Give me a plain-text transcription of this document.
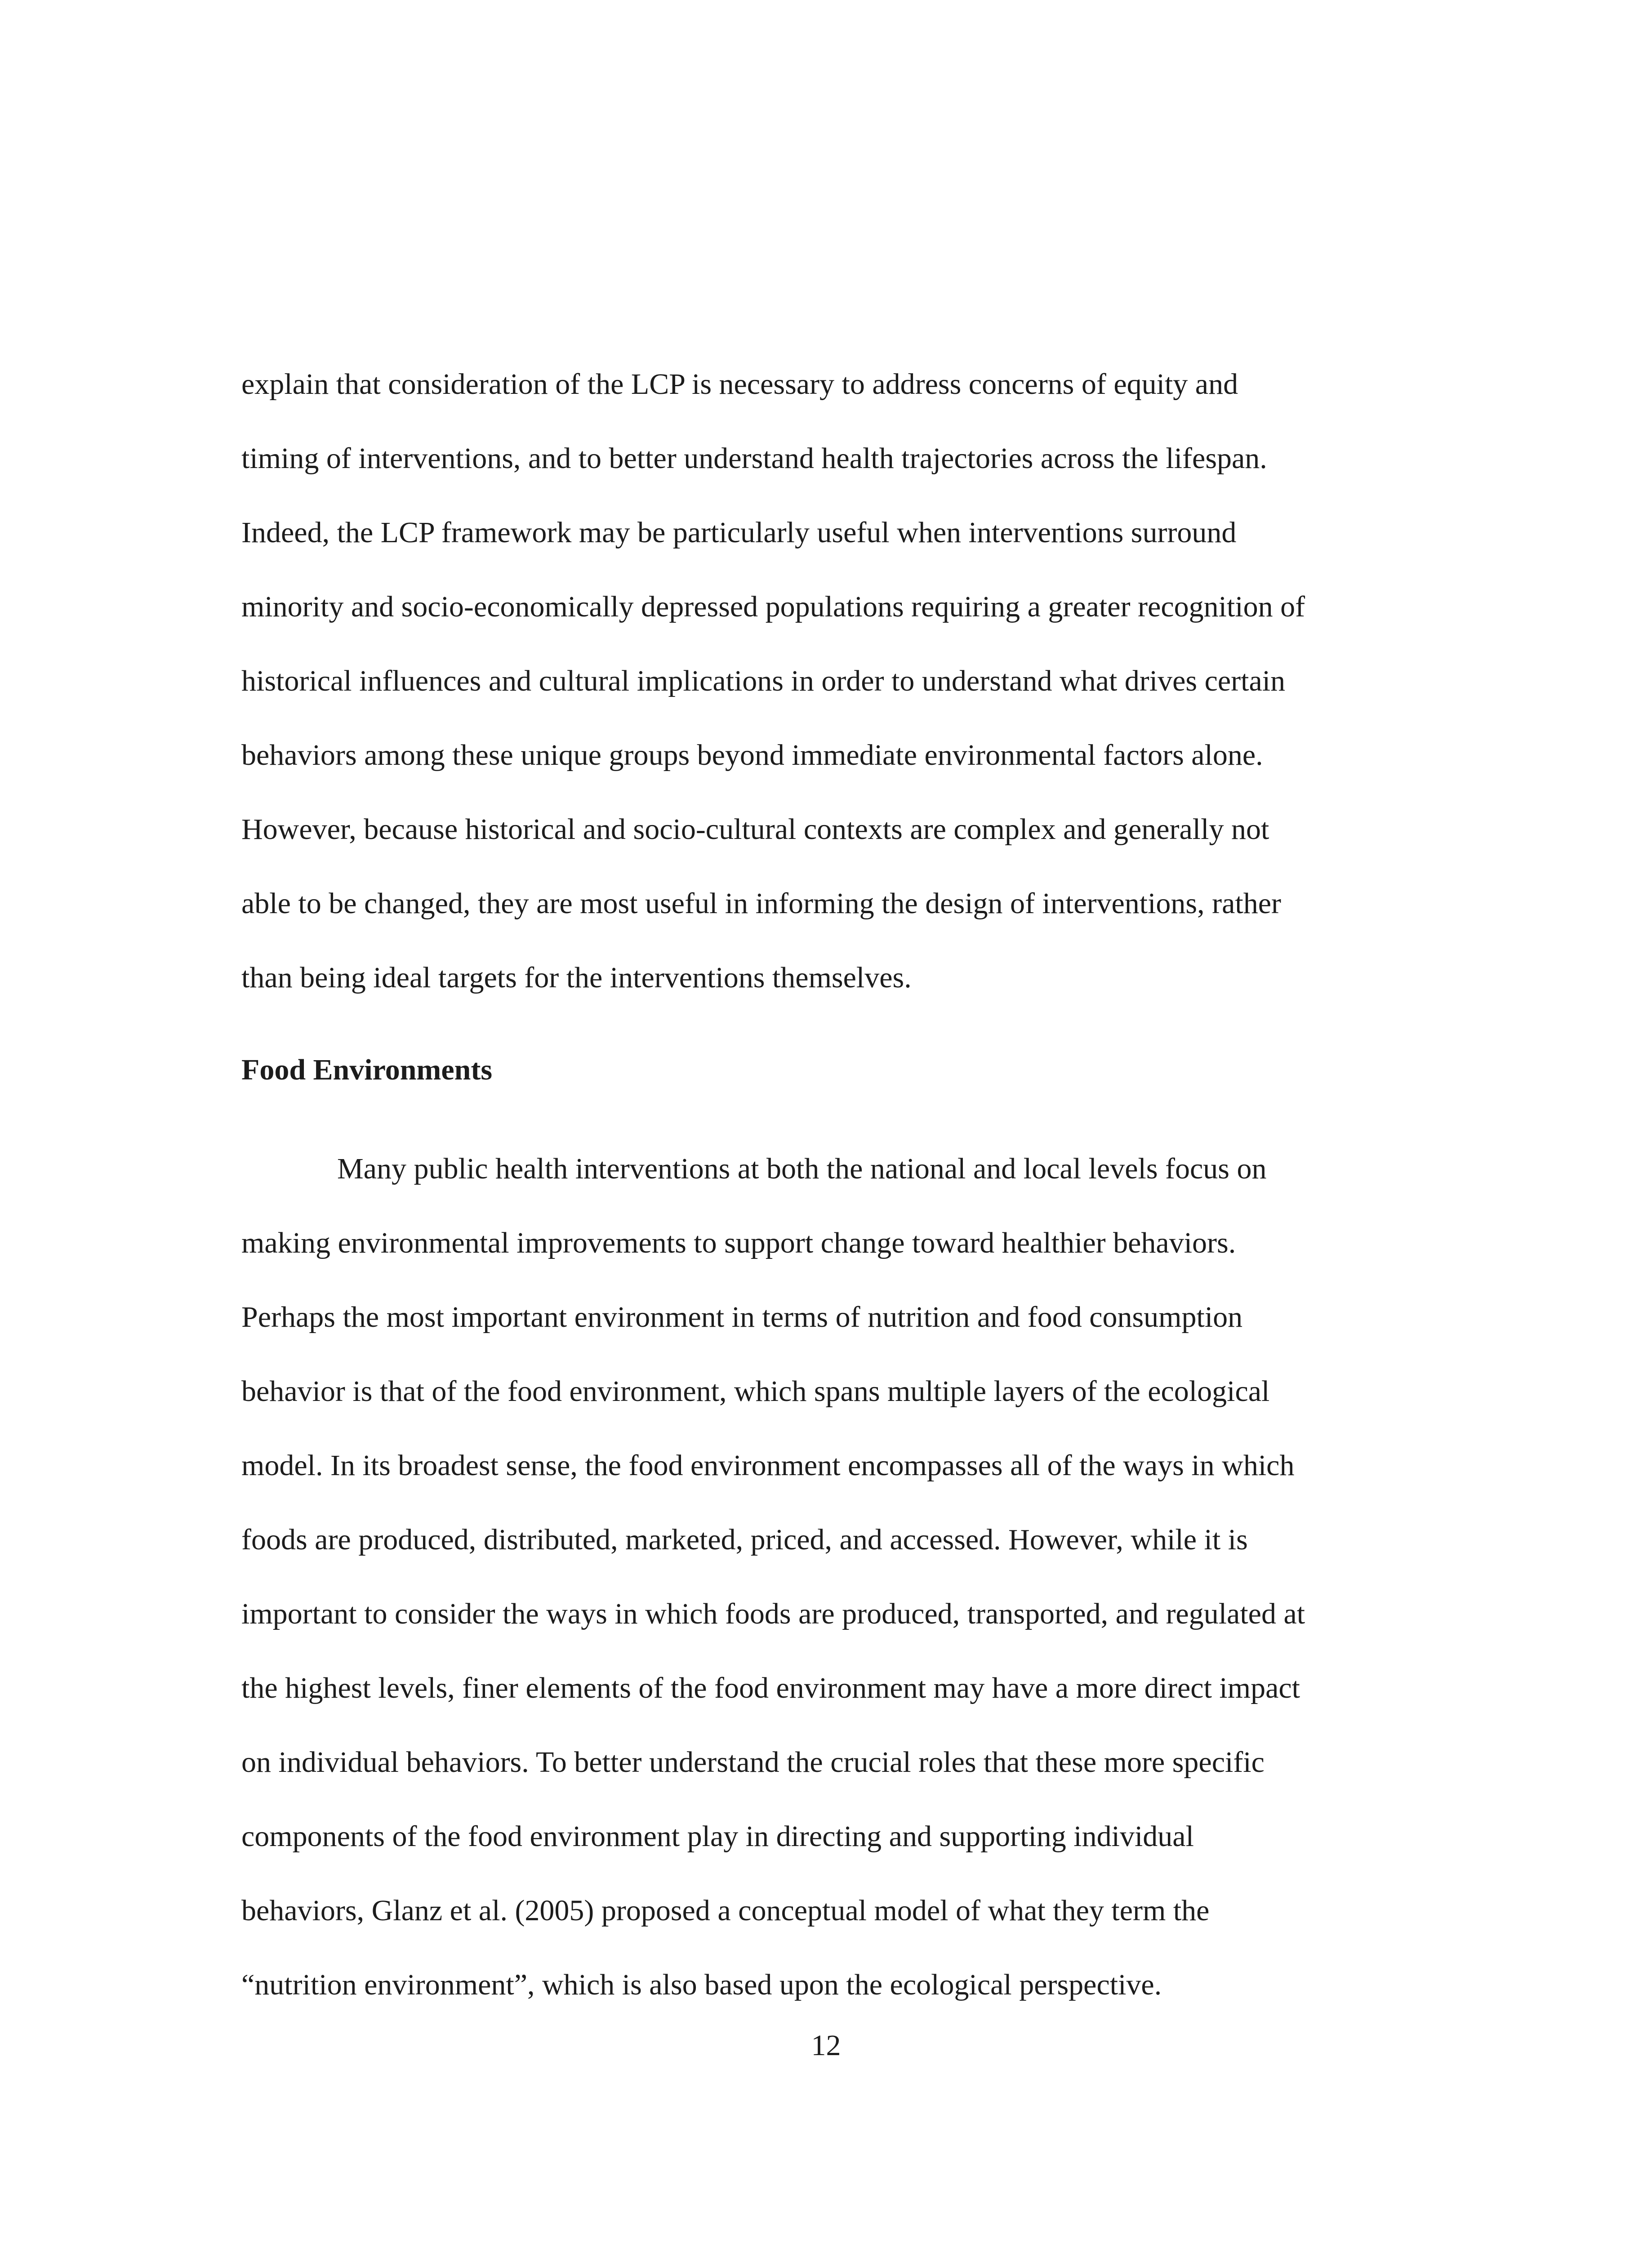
explain that consideration of the LCP is necessary to address concerns of equity and

timing of interventions, and to better understand health trajectories across the lifespan.

Indeed, the LCP framework may be particularly useful when interventions surround

minority and socio-economically depressed populations requiring a greater recognition of

historical influences and cultural implications in order to understand what drives certain

behaviors among these unique groups beyond immediate environmental factors alone.

However, because historical and socio-cultural contexts are complex and generally not

able to be changed, they are most useful in informing the design of interventions, rather

than being ideal targets for the interventions themselves.

Food Environments

Many public health interventions at both the national and local levels focus on

making environmental improvements to support change toward healthier behaviors.

Perhaps the most important environment in terms of nutrition and food consumption

behavior is that of the food environment, which spans multiple layers of the ecological

model. In its broadest sense, the food environment encompasses all of the ways in which

foods are produced, distributed, marketed, priced, and accessed. However, while it is

important to consider the ways in which foods are produced, transported, and regulated at

the highest levels, finer elements of the food environment may have a more direct impact

on individual behaviors. To better understand the crucial roles that these more specific

components of the food environment play in directing and supporting individual

behaviors, Glanz et al. (2005) proposed a conceptual model of what they term the

“nutrition environment”, which is also based upon the ecological perspective.

12
